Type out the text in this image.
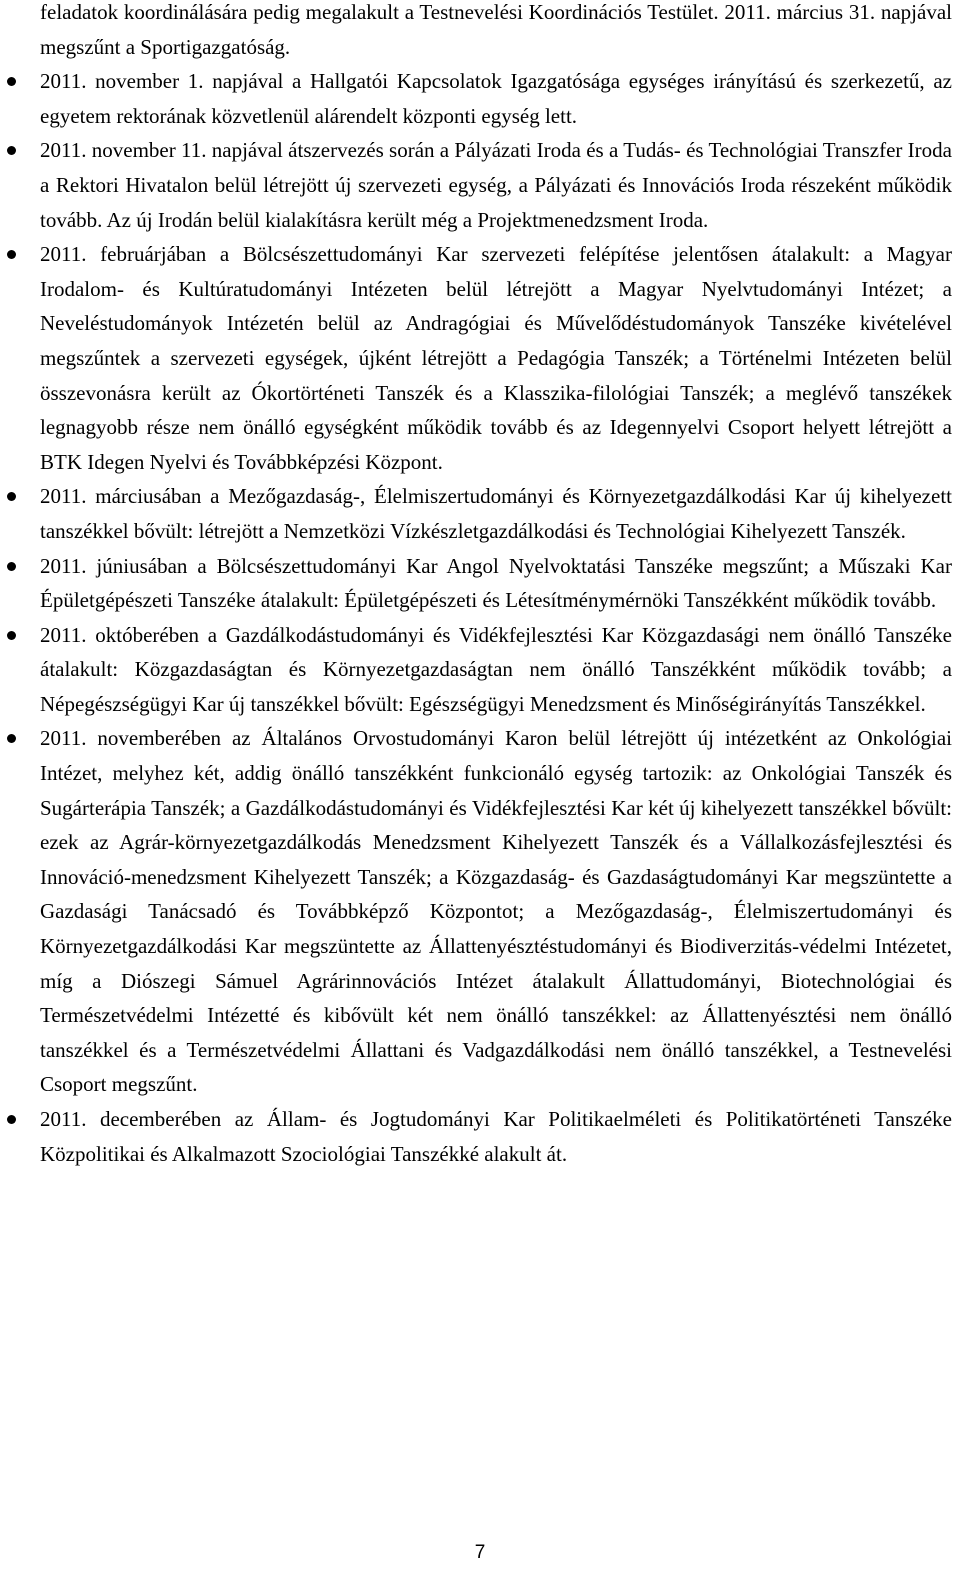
feladatok koordinálására pedig megalakult a Testnevelési Koordinációs Testület. 2011. március 31. napjával megszűnt a Sportigazgatóság.

2011. november 1. napjával a Hallgatói Kapcsolatok Igazgatósága egységes irányítású és szerkezetű, az egyetem rektorának közvetlenül alárendelt központi egység lett.

2011. november 11. napjával átszervezés során a Pályázati Iroda és a Tudás- és Technológiai Transzfer Iroda a Rektori Hivatalon belül létrejött új szervezeti egység, a Pályázati és Innovációs Iroda részeként működik tovább. Az új Irodán belül kialakításra került még a Projektmenedzsment Iroda.

2011. februárjában a Bölcsészettudományi Kar szervezeti felépítése jelentősen átalakult: a Magyar Irodalom- és Kultúratudományi Intézeten belül létrejött a Magyar Nyelvtudományi Intézet; a Neveléstudományok Intézetén belül az Andragógiai és Művelődéstudományok Tanszéke kivételével megszűntek a szervezeti egységek, újként létrejött a Pedagógia Tanszék; a Történelmi Intézeten belül összevonásra került az Ókortörténeti Tanszék és a Klasszika-filológiai Tanszék; a meglévő tanszékek legnagyobb része nem önálló egységként működik tovább és az Idegennyelvi Csoport helyett létrejött a BTK Idegen Nyelvi és Továbbképzési Központ.

2011. márciusában a Mezőgazdaság-, Élelmiszertudományi és Környezetgazdálkodási Kar új kihelyezett tanszékkel bővült: létrejött a Nemzetközi Vízkészletgazdálkodási és Technológiai Kihelyezett Tanszék.

2011. júniusában a Bölcsészettudományi Kar Angol Nyelvoktatási Tanszéke megszűnt; a Műszaki Kar Épületgépészeti Tanszéke átalakult: Épületgépészeti és Létesítménymérnöki Tanszékként működik tovább.

2011. októberében a Gazdálkodástudományi és Vidékfejlesztési Kar Közgazdasági nem önálló Tanszéke átalakult: Közgazdaságtan és Környezetgazdaságtan nem önálló Tanszékként működik tovább; a Népegészségügyi Kar új tanszékkel bővült: Egészségügyi Menedzsment és Minőségirányítás Tanszékkel.

2011. novemberében az Általános Orvostudományi Karon belül létrejött új intézetként az Onkológiai Intézet, melyhez két, addig önálló tanszékként funkcionáló egység tartozik: az Onkológiai Tanszék és Sugárterápia Tanszék; a Gazdálkodástudományi és Vidékfejlesztési Kar két új kihelyezett tanszékkel bővült: ezek az Agrár-környezetgazdálkodás Menedzsment Kihelyezett Tanszék és a Vállalkozásfejlesztési és Innováció-menedzsment Kihelyezett Tanszék; a Közgazdaság- és Gazdaságtudományi Kar megszüntette a Gazdasági Tanácsadó és Továbbképző Központot; a Mezőgazdaság-, Élelmiszertudományi és Környezetgazdálkodási Kar megszüntette az Állattenyésztéstudományi és Biodiverzitás-védelmi Intézetet, míg a Diószegi Sámuel Agrárinnovációs Intézet átalakult Állattudományi, Biotechnológiai és Természetvédelmi Intézetté és kibővült két nem önálló tanszékkel: az Állattenyésztési nem önálló tanszékkel és a Természetvédelmi Állattani és Vadgazdálkodási nem önálló tanszékkel, a Testnevelési Csoport megszűnt.

2011. decemberében az Állam- és Jogtudományi Kar Politikaelméleti és Politikatörténeti Tanszéke Közpolitikai és Alkalmazott Szociológiai Tanszékké alakult át.

7
